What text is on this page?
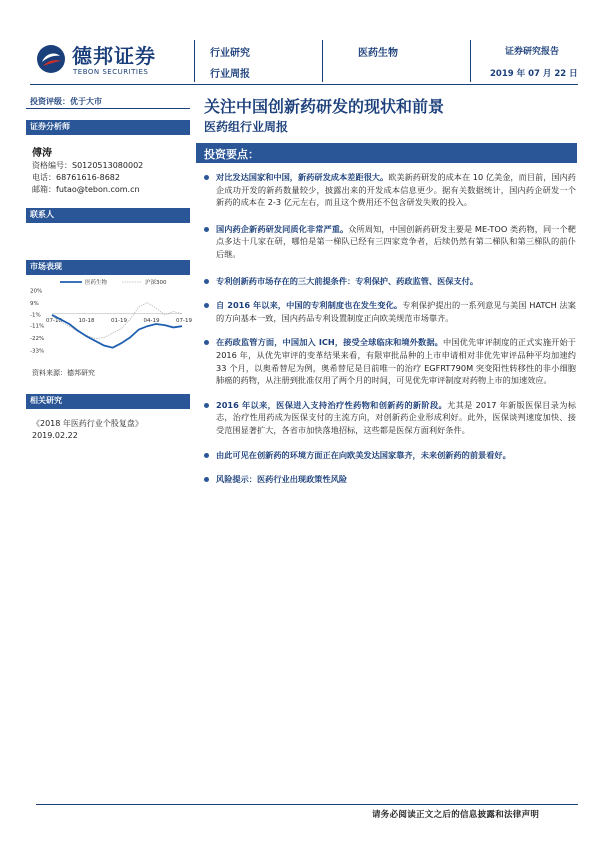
德邦证券
TEBON SECURITIES
行业研究
行业周报
医药生物	证券研究报告
2019 年 07 月 22 日
投资评级：优于大市
证券分析师
傅涛
资格编号：S0120513080002
电话：68761616-8682
邮箱：futao@tebon.com.cn
联系人
市场表现
20%
9%
-1%
-11%
-22%
-33%
07-18	10-18	01-19	04-19	07-19
医药生物	沪深300
资料来源：德邦研究
相关研究
《2018 年医药行业个股复盘》
2019.02.22
关注中国创新药研发的现状和前景
医药组行业周报
投资要点：
对比发达国家和中国，新药研发成本差距很大。欧美新药研发的成本在 10 亿美金，而目前，国内药企成功开发的新药数量较少，披露出来的开发成本信息更少。据有关数据统计，国内药企研发一个新药的成本在 2-3 亿元左右，而且这个费用还不包含研发失败的投入。
国内药企新药研发同质化非常严重。众所周知，中国创新药研发主要是 ME-TOO 类药物，同一个靶点多达十几家在研，哪怕是第一梯队已经有三四家竞争者，后续仍然有第二梯队和第三梯队的前仆后继。
专利创新药市场存在的三大前提条件：专利保护、药政监管、医保支付。
自 2016 年以来，中国的专利制度也在发生变化。专利保护提出的一系列意见与美国 HATCH 法案的方向基本一致，国内药品专利设置制度正向欧美规范市场靠齐。
在药政监管方面，中国加入 ICH，接受全球临床和境外数据。中国优先审评制度的正式实施开始于 2016 年，从优先审评的变革结果来看，有限审批品种的上市申请相对非优先审评品种平均加速约 33 个月，以奥希替尼为例，奥希替尼是目前唯一的治疗 EGFRT790M 突变阳性转移性的非小细胞肺癌的药物，从注册到批准仅用了两个月的时间，可见优先审评制度对药物上市的加速效应。
2016 年以来，医保进入支持治疗性药物和创新药的新阶段。尤其是 2017 年新版医保目录为标志，治疗性用药成为医保支付的主流方向，对创新药企业形成利好。此外，医保谈判速度加快、接受范围显著扩大，各省市加快落地招标，这些都是医保方面利好条件。
由此可见在创新药的环境方面正在向欧美发达国家靠齐，未来创新药的前景看好。
风险提示：医药行业出现政策性风险
请务必阅读正文之后的信息披露和法律声明
